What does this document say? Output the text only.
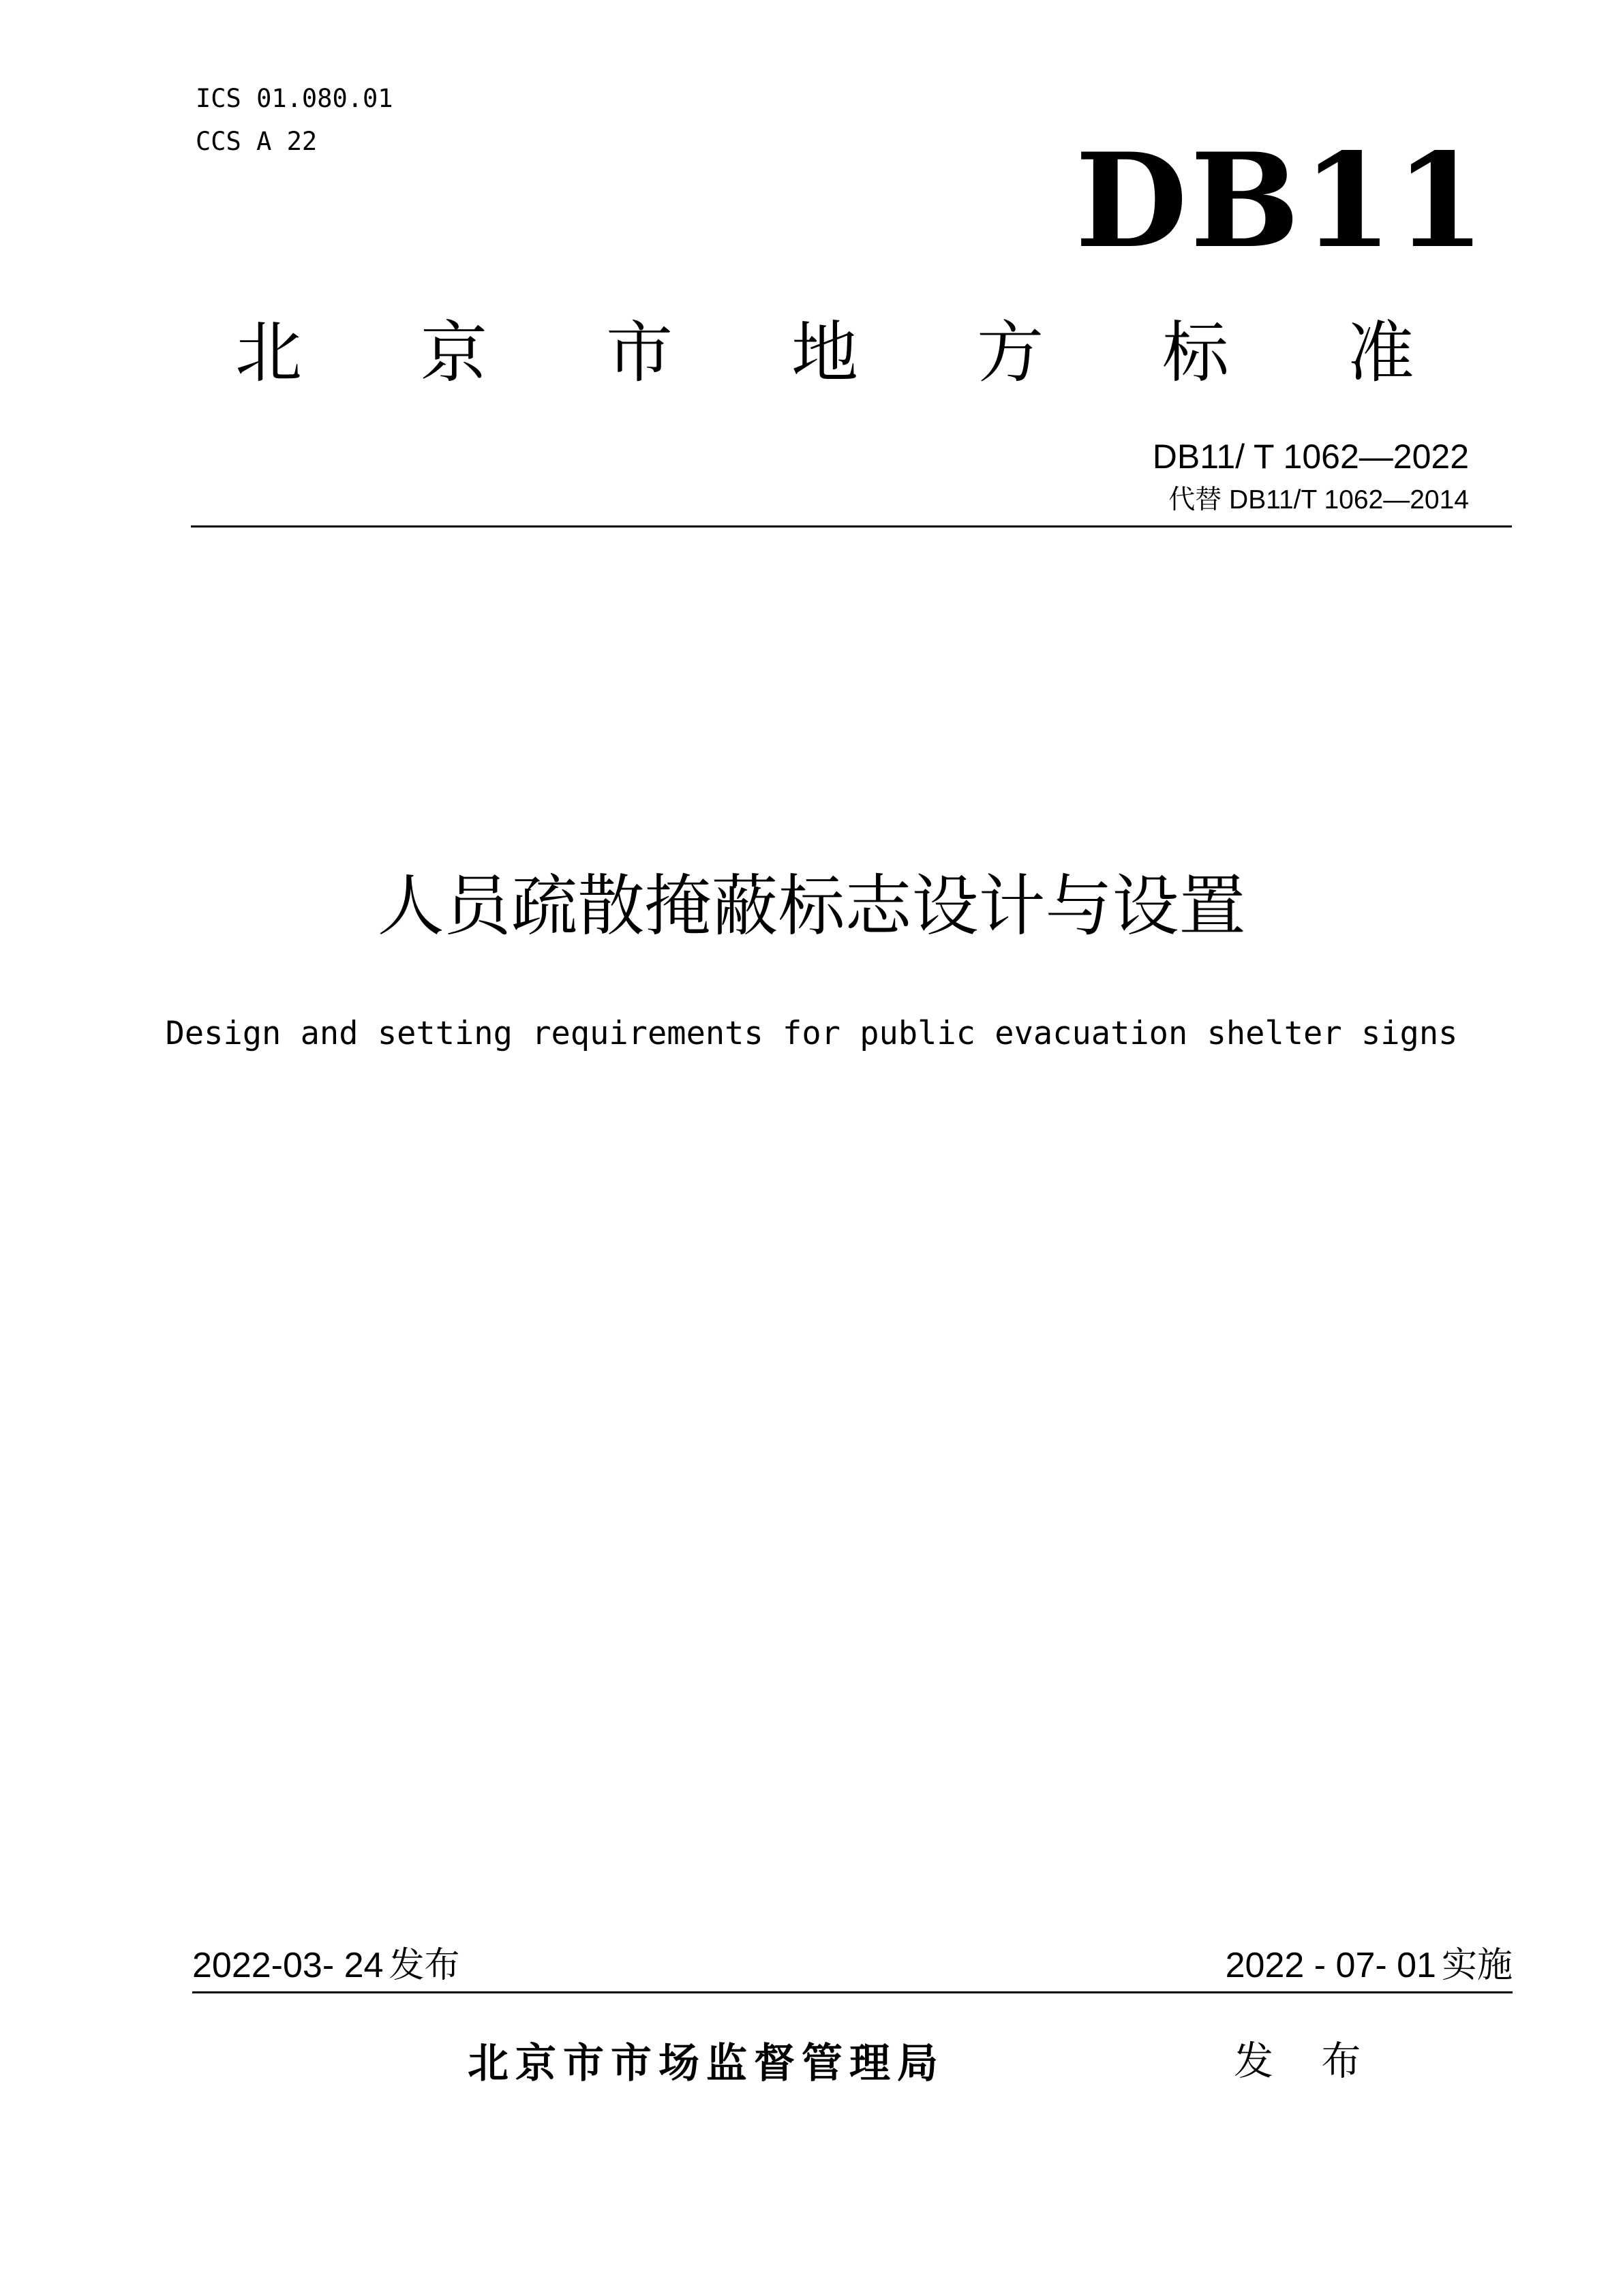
ICS 01.080.01
CCS A 22	DB11
北 京 市 地 方 标 准
DB11/ T 1062—2022
代替 DB11/T 1062—2014
人员疏散掩蔽标志设计与设置
Design and setting requirements for public evacuation shelter signs
2022-03- 24 发布	2022 - 07- 01 实施
北京市市场监督管理局	发 布
